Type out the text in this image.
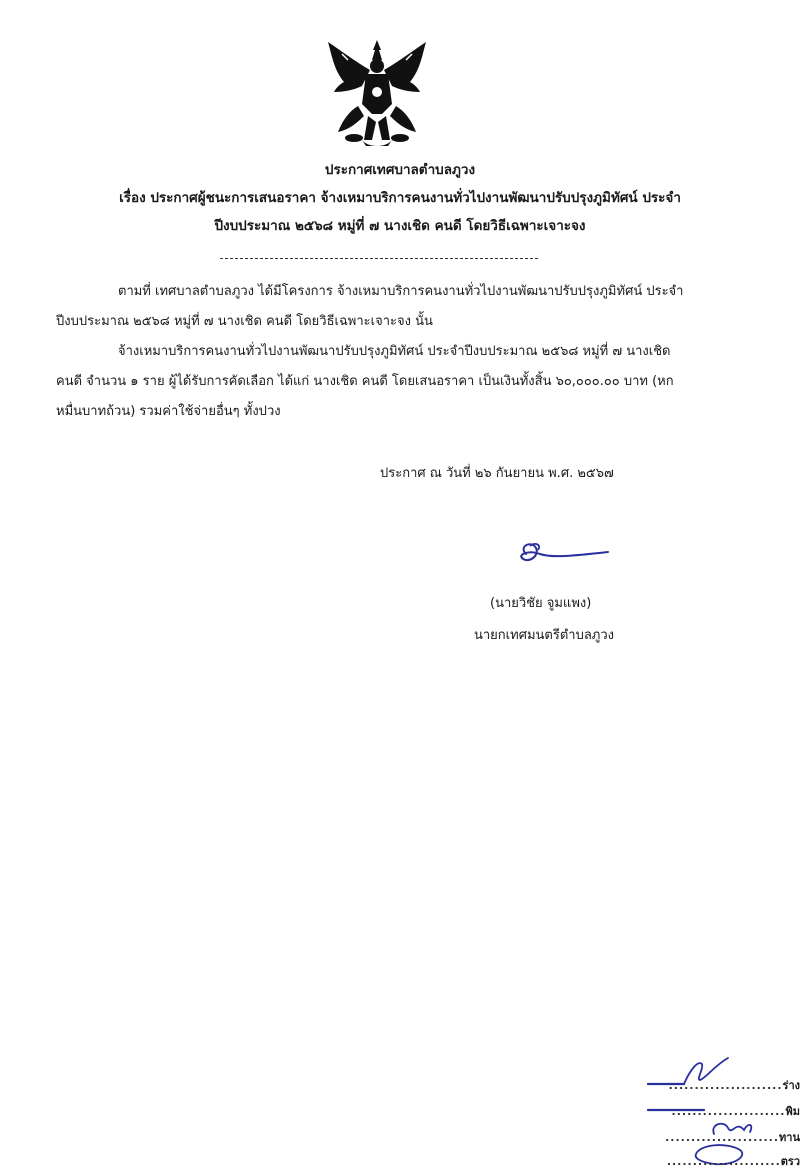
ประกาศเทศบาลตำบลภูวง
เรื่อง ประกาศผู้ชนะการเสนอราคา จ้างเหมาบริการคนงานทั่วไปงานพัฒนาปรับปรุงภูมิทัศน์ ประจำ
ปีงบประมาณ ๒๕๖๘ หมู่ที่ ๗ นางเชิด คนดี โดยวิธีเฉพาะเจาะจง
ตามที่ เทศบาลตำบลภูวง ได้มีโครงการ จ้างเหมาบริการคนงานทั่วไปงานพัฒนาปรับปรุงภูมิทัศน์ ประจำ
ปีงบประมาณ ๒๕๖๘ หมู่ที่ ๗ นางเชิด คนดี โดยวิธีเฉพาะเจาะจง นั้น
จ้างเหมาบริการคนงานทั่วไปงานพัฒนาปรับปรุงภูมิทัศน์ ประจำปีงบประมาณ ๒๕๖๘ หมู่ที่ ๗ นางเชิด
คนดี จำนวน ๑ ราย ผู้ได้รับการคัดเลือก ได้แก่ นางเชิด คนดี โดยเสนอราคา เป็นเงินทั้งสิ้น ๖๐,๐๐๐.๐๐ บาท (หก
หมื่นบาทถ้วน) รวมค่าใช้จ่ายอื่นๆ ทั้งปวง
ประกาศ ณ วันที่ ๒๖ กันยายน พ.ศ. ๒๕๖๗
(นายวิชัย จูมแพง)
นายกเทศมนตรีตำบลภูวง
......................ร่าง
......................พิม
......................ทาน
......................ตรว
